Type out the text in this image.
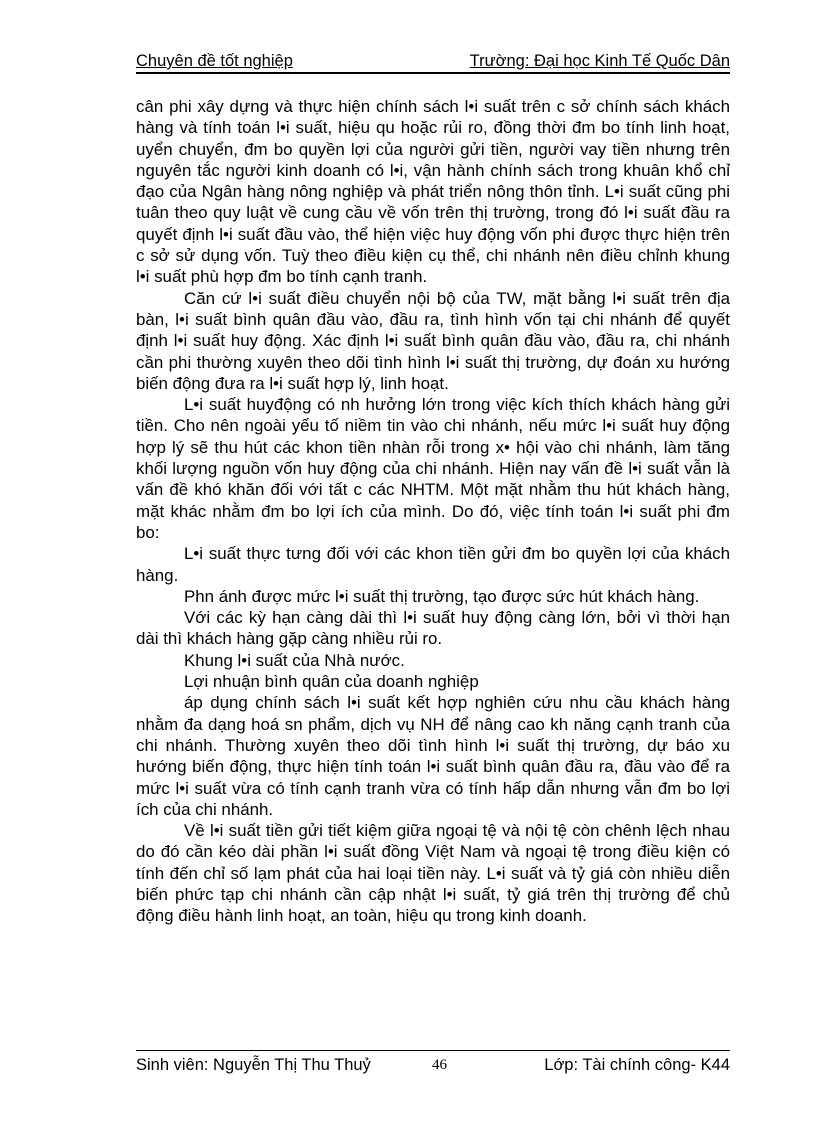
Chuyên đề tốt nghiệp	Trường: Đại học Kinh Tế Quốc Dân

cân phi xây dựng và thực hiện chính sách l•i suất trên c sở chính sách khách hàng và tính toán l•i suất, hiệu qu hoặc rủi ro, đồng thời đm bo tính linh hoạt, uyển chuyển, đm bo quyền lợi của người gửi tiền, người vay tiền nhưng trên nguyên tắc người kinh doanh có l•i, vận hành chính sách trong khuân khổ chỉ đạo của Ngân hàng nông nghiệp và phát triển nông thôn tỉnh. L•i suất cũng phi tuân theo quy luật về cung cầu về vốn trên thị trường, trong đó l•i suất đầu ra quyết định l•i suất đầu vào, thể hiện việc huy động vốn phi được thực hiện trên c sở sử dụng vốn. Tuỳ theo điều kiện cụ thể, chi nhánh nên điều chỉnh khung l•i suất phù hợp đm bo tính cạnh tranh.

Căn cứ l•i suất điều chuyển nội bộ của TW, mặt bằng l•i suất trên địa bàn, l•i suất bình quân đầu vào, đầu ra, tình hình vốn tại chi nhánh để quyết định l•i suất huy động. Xác định l•i suất bình quân đầu vào, đầu ra, chi nhánh cần phi thường xuyên theo dõi tình hình l•i suất thị trường, dự đoán xu hướng biến động đưa ra l•i suất hợp lý, linh hoạt.

L•i suất huyđộng có nh hưởng lớn trong việc kích thích khách hàng gửi tiền. Cho nên ngoài yếu tố niềm tin vào chi nhánh, nếu mức l•i suất huy động hợp lý sẽ thu hút các khon tiền nhàn rỗi trong x• hội vào chi nhánh, làm tăng khối lượng nguồn vốn huy động của chi nhánh. Hiện nay vấn đề l•i suất vẫn là vấn đề khó khăn đối với tất c các NHTM. Một mặt nhằm thu hút khách hàng, mặt khác nhằm đm bo lợi ích của mình. Do đó, việc tính toán l•i suất phi đm bo:

L•i suất thực tưng đối với các khon tiền gửi đm bo quyền lợi của khách hàng.

Phn ánh được mức l•i suất thị trường, tạo được sức hút khách hàng.

Với các kỳ hạn càng dài thì l•i suất huy động càng lớn, bởi vì thời hạn dài thì khách hàng gặp càng nhiều rủi ro.

Khung l•i suất của Nhà nước.

Lợi nhuận bình quân của doanh nghiệp

áp dụng chính sách l•i suất kết hợp nghiên cứu nhu cầu khách hàng nhằm đa dạng hoá sn phẩm, dịch vụ NH để nâng cao kh năng cạnh tranh của chi nhánh. Thường xuyên theo dõi tình hình l•i suất thị trường, dự báo xu hướng biến động, thực hiện tính toán l•i suất bình quân đầu ra, đầu vào để ra mức l•i suất vừa có tính cạnh tranh vừa có tính hấp dẫn nhưng vẫn đm bo lợi ích của chi nhánh.

Về l•i suất tiền gửi tiết kiệm giữa ngoại tệ và nội tệ còn chênh lệch nhau do đó cần kéo dài phần l•i suất đồng Việt Nam và ngoại tệ trong điều kiện có tính đến chỉ số lạm phát của hai loại tiền này. L•i suất và tỷ giá còn nhiều diễn biến phức tạp chi nhánh cần cập nhật l•i suất, tỷ giá trên thị trường để chủ động điều hành linh hoạt, an toàn, hiệu qu trong kinh doanh.

Sinh viên: Nguyễn Thị Thu Thuỷ	46	Lớp: Tài chính công- K44
